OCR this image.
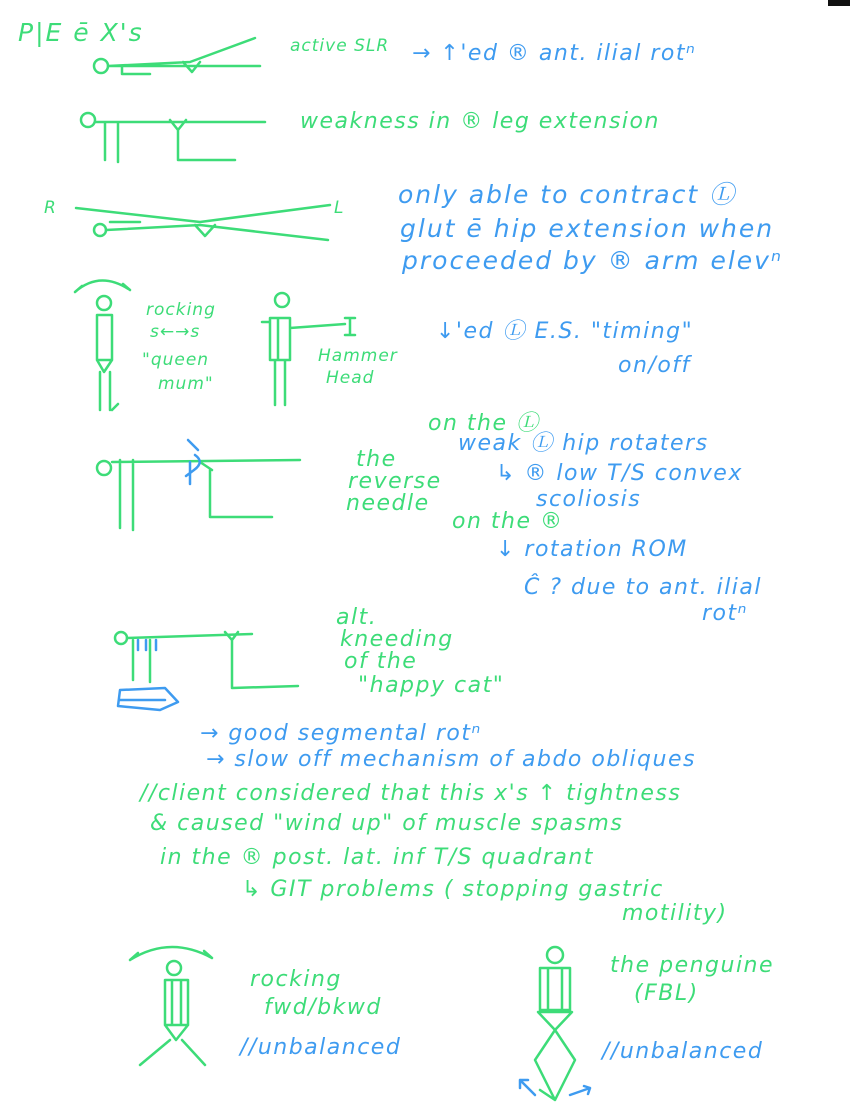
P|E ē X's	active SLR → ↑'ed ® ant. ilial rotⁿ
weakness in ® leg extension
R	L only able to contract Ⓛ
glut ē hip extension when
proceeded by ® arm elevⁿ
rocking
s←→s
"queen
mum"
Hammer
Head
↓'ed Ⓛ E.S. "timing"
on/off
the
reverse
needle
on the Ⓛ
weak Ⓛ hip rotaters
↳ ® low T/S convex
scoliosis
on the ®
↓ rotation ROM
Ĉ ? due to ant. ilial
rotⁿ
alt.
kneeding
of the
"happy cat"
→ good segmental rotⁿ
→ slow off mechanism of abdo obliques
//client considered that this x's ↑ tightness
& caused "wind up" of muscle spasms
in the ® post. lat. inf T/S quadrant
↳ GIT problems ( stopping gastric
motility)
rocking
fwd/bkwd
//unbalanced
the penguine
(FBL)
//unbalanced
